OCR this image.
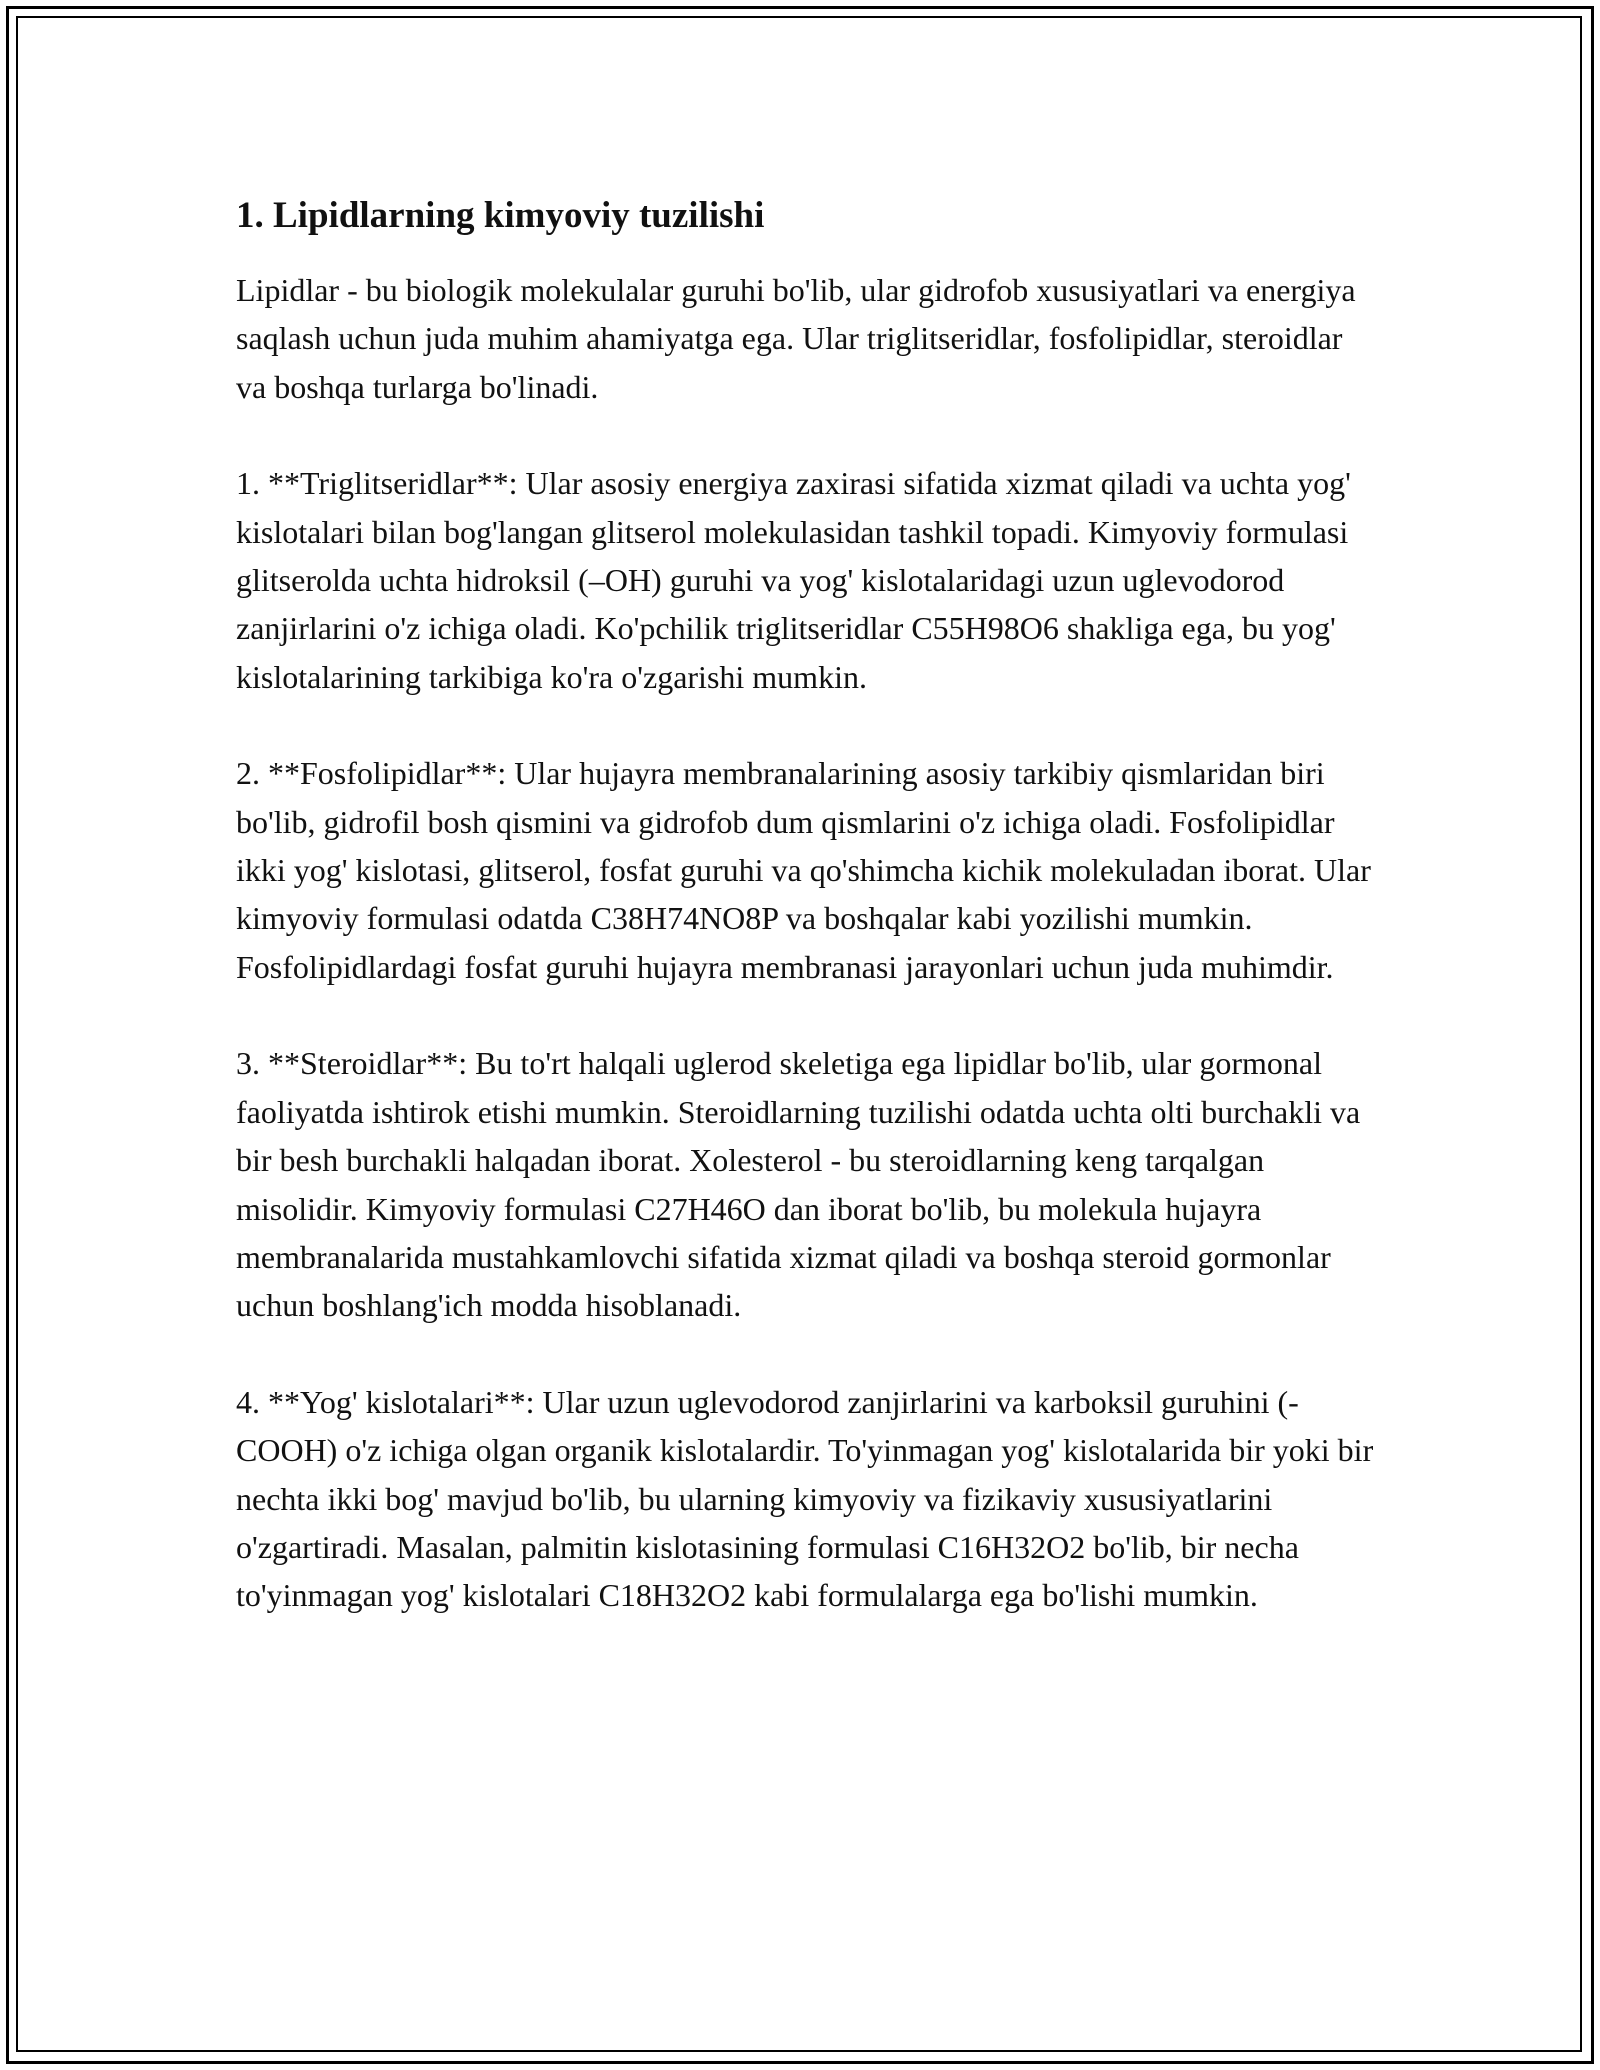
1. Lipidlarning kimyoviy tuzilishi

Lipidlar - bu biologik molekulalar guruhi bo'lib, ular gidrofob xususiyatlari va energiya saqlash uchun juda muhim ahamiyatga ega. Ular triglitseridlar, fosfolipidlar, steroidlar va boshqa turlarga bo'linadi.

1. **Triglitseridlar**: Ular asosiy energiya zaxirasi sifatida xizmat qiladi va uchta yog' kislotalari bilan bog'langan glitserol molekulasidan tashkil topadi. Kimyoviy formulasi glitserolda uchta hidroksil (–OH) guruhi va yog' kislotalaridagi uzun uglevodorod zanjirlarini o'z ichiga oladi. Ko'pchilik triglitseridlar C55H98O6 shakliga ega, bu yog' kislotalarining tarkibiga ko'ra o'zgarishi mumkin.

2. **Fosfolipidlar**: Ular hujayra membranalarining asosiy tarkibiy qismlaridan biri bo'lib, gidrofil bosh qismini va gidrofob dum qismlarini o'z ichiga oladi. Fosfolipidlar ikki yog' kislotasi, glitserol, fosfat guruhi va qo'shimcha kichik molekuladan iborat. Ular kimyoviy formulasi odatda C38H74NO8P va boshqalar kabi yozilishi mumkin. Fosfolipidlardagi fosfat guruhi hujayra membranasi jarayonlari uchun juda muhimdir.

3. **Steroidlar**: Bu to'rt halqali uglerod skeletiga ega lipidlar bo'lib, ular gormonal faoliyatda ishtirok etishi mumkin. Steroidlarning tuzilishi odatda uchta olti burchakli va bir besh burchakli halqadan iborat. Xolesterol - bu steroidlarning keng tarqalgan misolidir. Kimyoviy formulasi C27H46O dan iborat bo'lib, bu molekula hujayra membranalarida mustahkamlovchi sifatida xizmat qiladi va boshqa steroid gormonlar uchun boshlang'ich modda hisoblanadi.

4. **Yog' kislotalari**: Ular uzun uglevodorod zanjirlarini va karboksil guruhini (-COOH) o'z ichiga olgan organik kislotalardir. To'yinmagan yog' kislotalarida bir yoki bir nechta ikki bog' mavjud bo'lib, bu ularning kimyoviy va fizikaviy xususiyatlarini o'zgartiradi. Masalan, palmitin kislotasining formulasi C16H32O2 bo'lib, bir necha to'yinmagan yog' kislotalari C18H32O2 kabi formulalarga ega bo'lishi mumkin.
